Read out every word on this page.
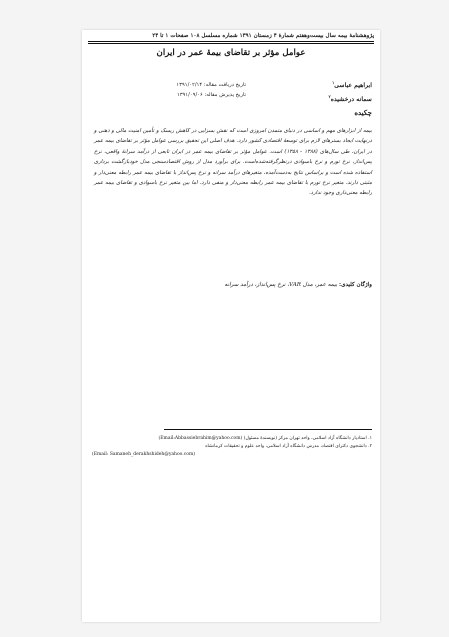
پژوهشنامهٔ بیمه سال بیست‌وهفتم شمارهٔ ۴ زمستان ۱۳۹۱ شماره مسلسل ۱۰۸ صفحات ۱ تا ۲۴
عوامل مؤثر بر تقاضای بیمهٔ عمر در ایران
تاریخ دریافت مقاله: ۱۳۹۱/۰۲/۱۴
تاریخ پذیرش مقاله: ۱۳۹۱/۰۹/۰۶
ابراهیم عباسی$^۱$
سمانه درخشیده$^۲$
چکیده
بیمه از ابزارهای مهم و اساسی در دنیای متمدن امروزی است که نقش بسزایی در کاهش ریسک و تأمین امنیت مالی و ذهنی و درنهایت ایجاد بسترهای لازم برای توسعهٔ اقتصادی کشور دارد. هدف اصلی این تحقیق بررسی عوامل مؤثر بر تقاضای بیمه عمر در ایران، طی سال‌های (۱۳۸۸ - ۱۳۵۸) است. عوامل مؤثر بر تقاضای بیمه عمر در ایران تابعی از درآمد سرانهٔ واقعی، نرخ پس‌انداز، نرخ تورم و نرخ باسوادی درنظرگرفته‌شده‌است. برای برآورد مدل از روش اقتصادسنجی مدل خودبازگشت برداری استفاده شده است و براساس نتایج به‌دست‌آمده، متغیرهای درآمد سرانه و نرخ پس‌انداز با تقاضای بیمه عمر رابطه معنی‌دار و مثبتی دارند. متغیر نرخ تورم با تقاضای بیمه عمر رابطه معنی‌دار و منفی دارد. اما بین متغیر نرخ باسوادی و تقاضای بیمه عمر رابطه معنی‌داری وجود ندارد.
واژگان کلیدی: بیمه عمر، مدل VAR، نرخ پس‌انداز، درآمد سرانه
۱. استادیار دانشگاه آزاد اسلامی، واحد تهران مرکز (نویسندهٔ مسئول) (Email:Abbassiebrahim@yahoo.com)
۲. دانشجوی دکترای اقتصاد، مدرس دانشگاه آزاد اسلامی، واحد علوم و تحقیقات کرمانشاه
(Email: Samaneh_derakhshideh@yahoo.com)
